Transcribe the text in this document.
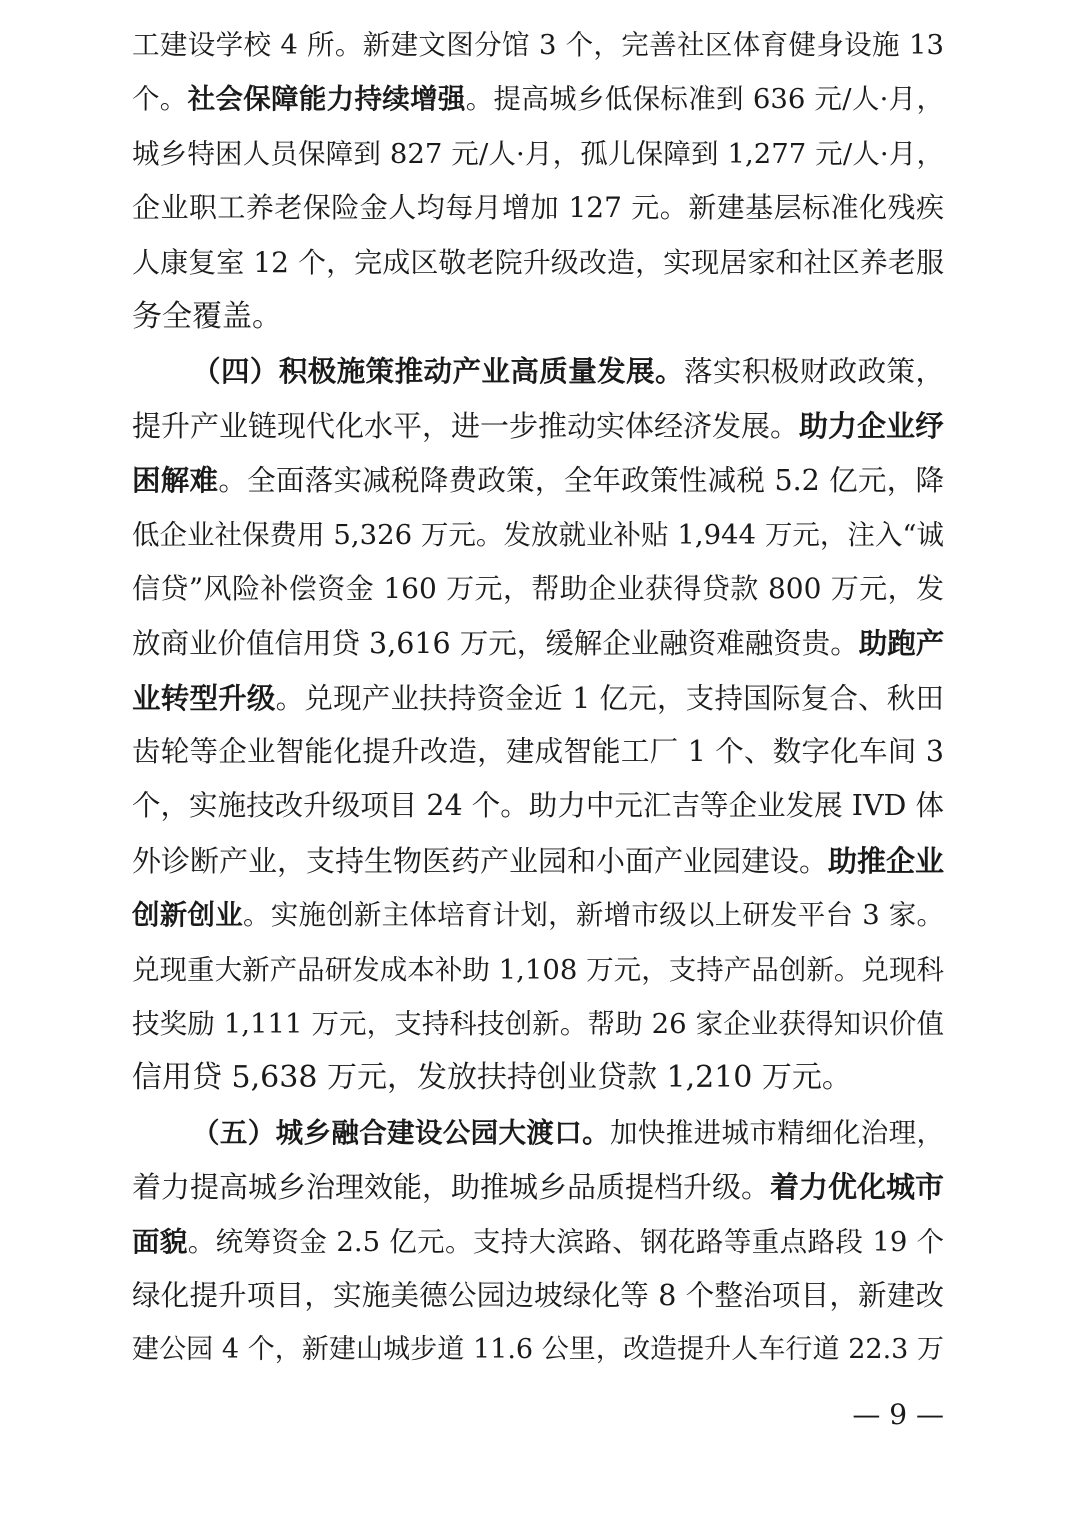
工建设学校 4 所。新建文图分馆 3 个，完善社区体育健身设施 13
个。社会保障能力持续增强。提高城乡低保标准到 636 元/人·月，
城乡特困人员保障到 827 元/人·月，孤儿保障到 1,277 元/人·月，
企业职工养老保险金人均每月增加 127 元。新建基层标准化残疾
人康复室 12 个，完成区敬老院升级改造，实现居家和社区养老服
务全覆盖。
（四）积极施策推动产业高质量发展。落实积极财政政策，
提升产业链现代化水平，进一步推动实体经济发展。助力企业纾
困解难。全面落实减税降费政策，全年政策性减税 5.2 亿元，降
低企业社保费用 5,326 万元。发放就业补贴 1,944 万元，注入“诚
信贷”风险补偿资金 160 万元，帮助企业获得贷款 800 万元，发
放商业价值信用贷 3,616 万元，缓解企业融资难融资贵。助跑产
业转型升级。兑现产业扶持资金近 1 亿元，支持国际复合、秋田
齿轮等企业智能化提升改造，建成智能工厂 1 个、数字化车间 3
个，实施技改升级项目 24 个。助力中元汇吉等企业发展 IVD 体
外诊断产业，支持生物医药产业园和小面产业园建设。助推企业
创新创业。实施创新主体培育计划，新增市级以上研发平台 3 家。
兑现重大新产品研发成本补助 1,108 万元，支持产品创新。兑现科
技奖励 1,111 万元，支持科技创新。帮助 26 家企业获得知识价值
信用贷 5,638 万元，发放扶持创业贷款 1,210 万元。
（五）城乡融合建设公园大渡口。加快推进城市精细化治理，
着力提高城乡治理效能，助推城乡品质提档升级。着力优化城市
面貌。统筹资金 2.5 亿元。支持大滨路、钢花路等重点路段 19 个
绿化提升项目，实施美德公园边坡绿化等 8 个整治项目，新建改
建公园 4 个，新建山城步道 11.6 公里，改造提升人车行道 22.3 万
— 9 —
